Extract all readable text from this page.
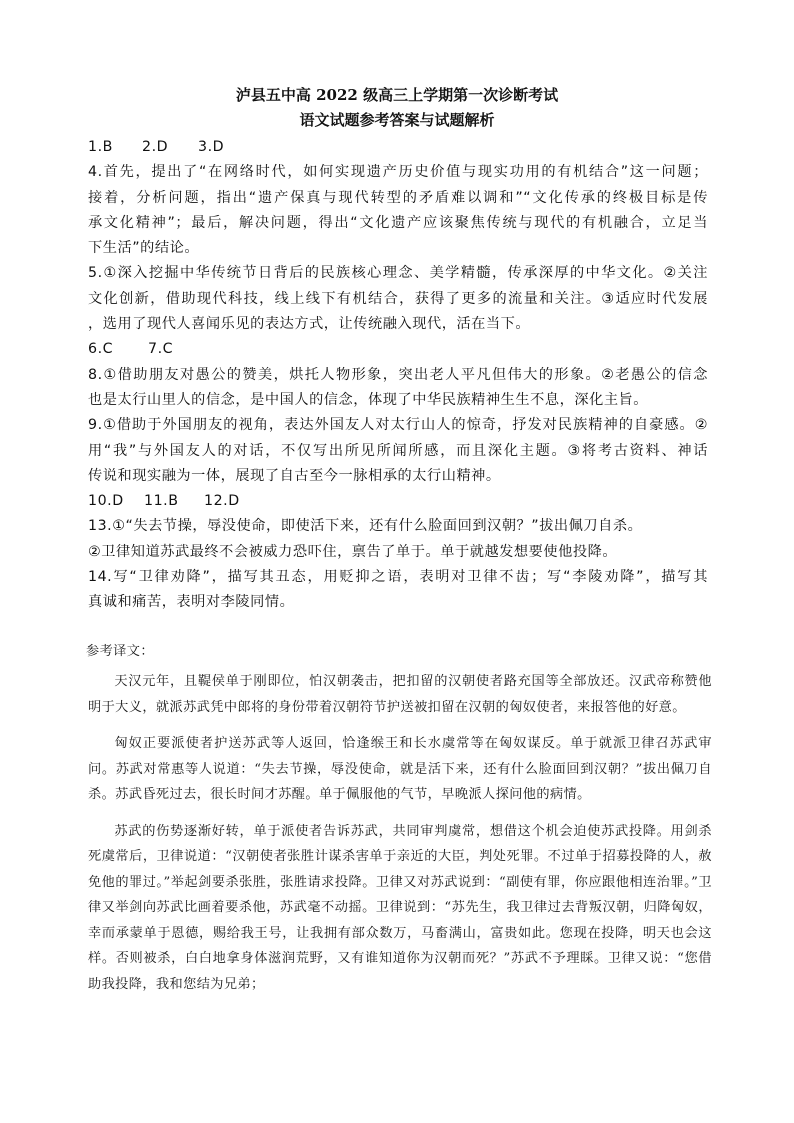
泸县五中高 2022 级高三上学期第一次诊断考试
语文试题参考答案与试题解析

1.B 2.D 3.D

4.首先，提出了“在网络时代，如何实现遗产历史价值与现实功用的有机结合”这一问题；

接着，分析问题，指出“遗产保真与现代转型的矛盾难以调和”“文化传承的终极目标是传

承文化精神”；最后，解决问题，得出“文化遗产应该聚焦传统与现代的有机融合，立足当

下生活”的结论。

5.①深入挖掘中华传统节日背后的民族核心理念、美学精髓，传承深厚的中华文化。②关注

文化创新，借助现代科技，线上线下有机结合，获得了更多的流量和关注。③适应时代发展

，选用了现代人喜闻乐见的表达方式，让传统融入现代，活在当下。

6.C 7.C

8.①借助朋友对愚公的赞美，烘托人物形象，突出老人平凡但伟大的形象。②老愚公的信念

也是太行山里人的信念，是中国人的信念，体现了中华民族精神生生不息，深化主旨。

9.①借助于外国朋友的视角，表达外国友人对太行山人的惊奇，抒发对民族精神的自豪感。②

用“我”与外国友人的对话，不仅写出所见所闻所感，而且深化主题。③将考古资料、神话

传说和现实融为一体，展现了自古至今一脉相承的太行山精神。

10.D 11.B 12.D

13.①“失去节操，辱没使命，即使活下来，还有什么脸面回到汉朝？”拔出佩刀自杀。

②卫律知道苏武最终不会被威力恐吓住，禀告了单于。单于就越发想要使他投降。

14.写“卫律劝降”，描写其丑态，用贬抑之语，表明对卫律不齿；写“李陵劝降”，描写其

真诚和痛苦，表明对李陵同情。

参考译文：

天汉元年，且鞮侯单于刚即位，怕汉朝袭击，把扣留的汉朝使者路充国等全部放还。汉武帝称赞他明于大义，就派苏武凭中郎将的身份带着汉朝符节护送被扣留在汉朝的匈奴使者，来报答他的好意。

匈奴正要派使者护送苏武等人返回，恰逢缑王和长水虞常等在匈奴谋反。单于就派卫律召苏武审问。苏武对常惠等人说道：“失去节操，辱没使命，就是活下来，还有什么脸面回到汉朝？”拔出佩刀自杀。苏武昏死过去，很长时间才苏醒。单于佩服他的气节，早晚派人探问他的病情。

苏武的伤势逐渐好转，单于派使者告诉苏武，共同审判虞常，想借这个机会迫使苏武投降。用剑杀死虞常后，卫律说道：“汉朝使者张胜计谋杀害单于亲近的大臣，判处死罪。不过单于招募投降的人，赦免他的罪过。”举起剑要杀张胜，张胜请求投降。卫律又对苏武说到：“副使有罪，你应跟他相连治罪。”卫律又举剑向苏武比画着要杀他，苏武毫不动摇。卫律说到：“苏先生，我卫律过去背叛汉朝，归降匈奴，幸而承蒙单于恩德，赐给我王号，让我拥有部众数万，马畜满山，富贵如此。您现在投降，明天也会这样。否则被杀，白白地拿身体滋润荒野，又有谁知道你为汉朝而死？”苏武不予理睬。卫律又说：“您借助我投降，我和您结为兄弟；
